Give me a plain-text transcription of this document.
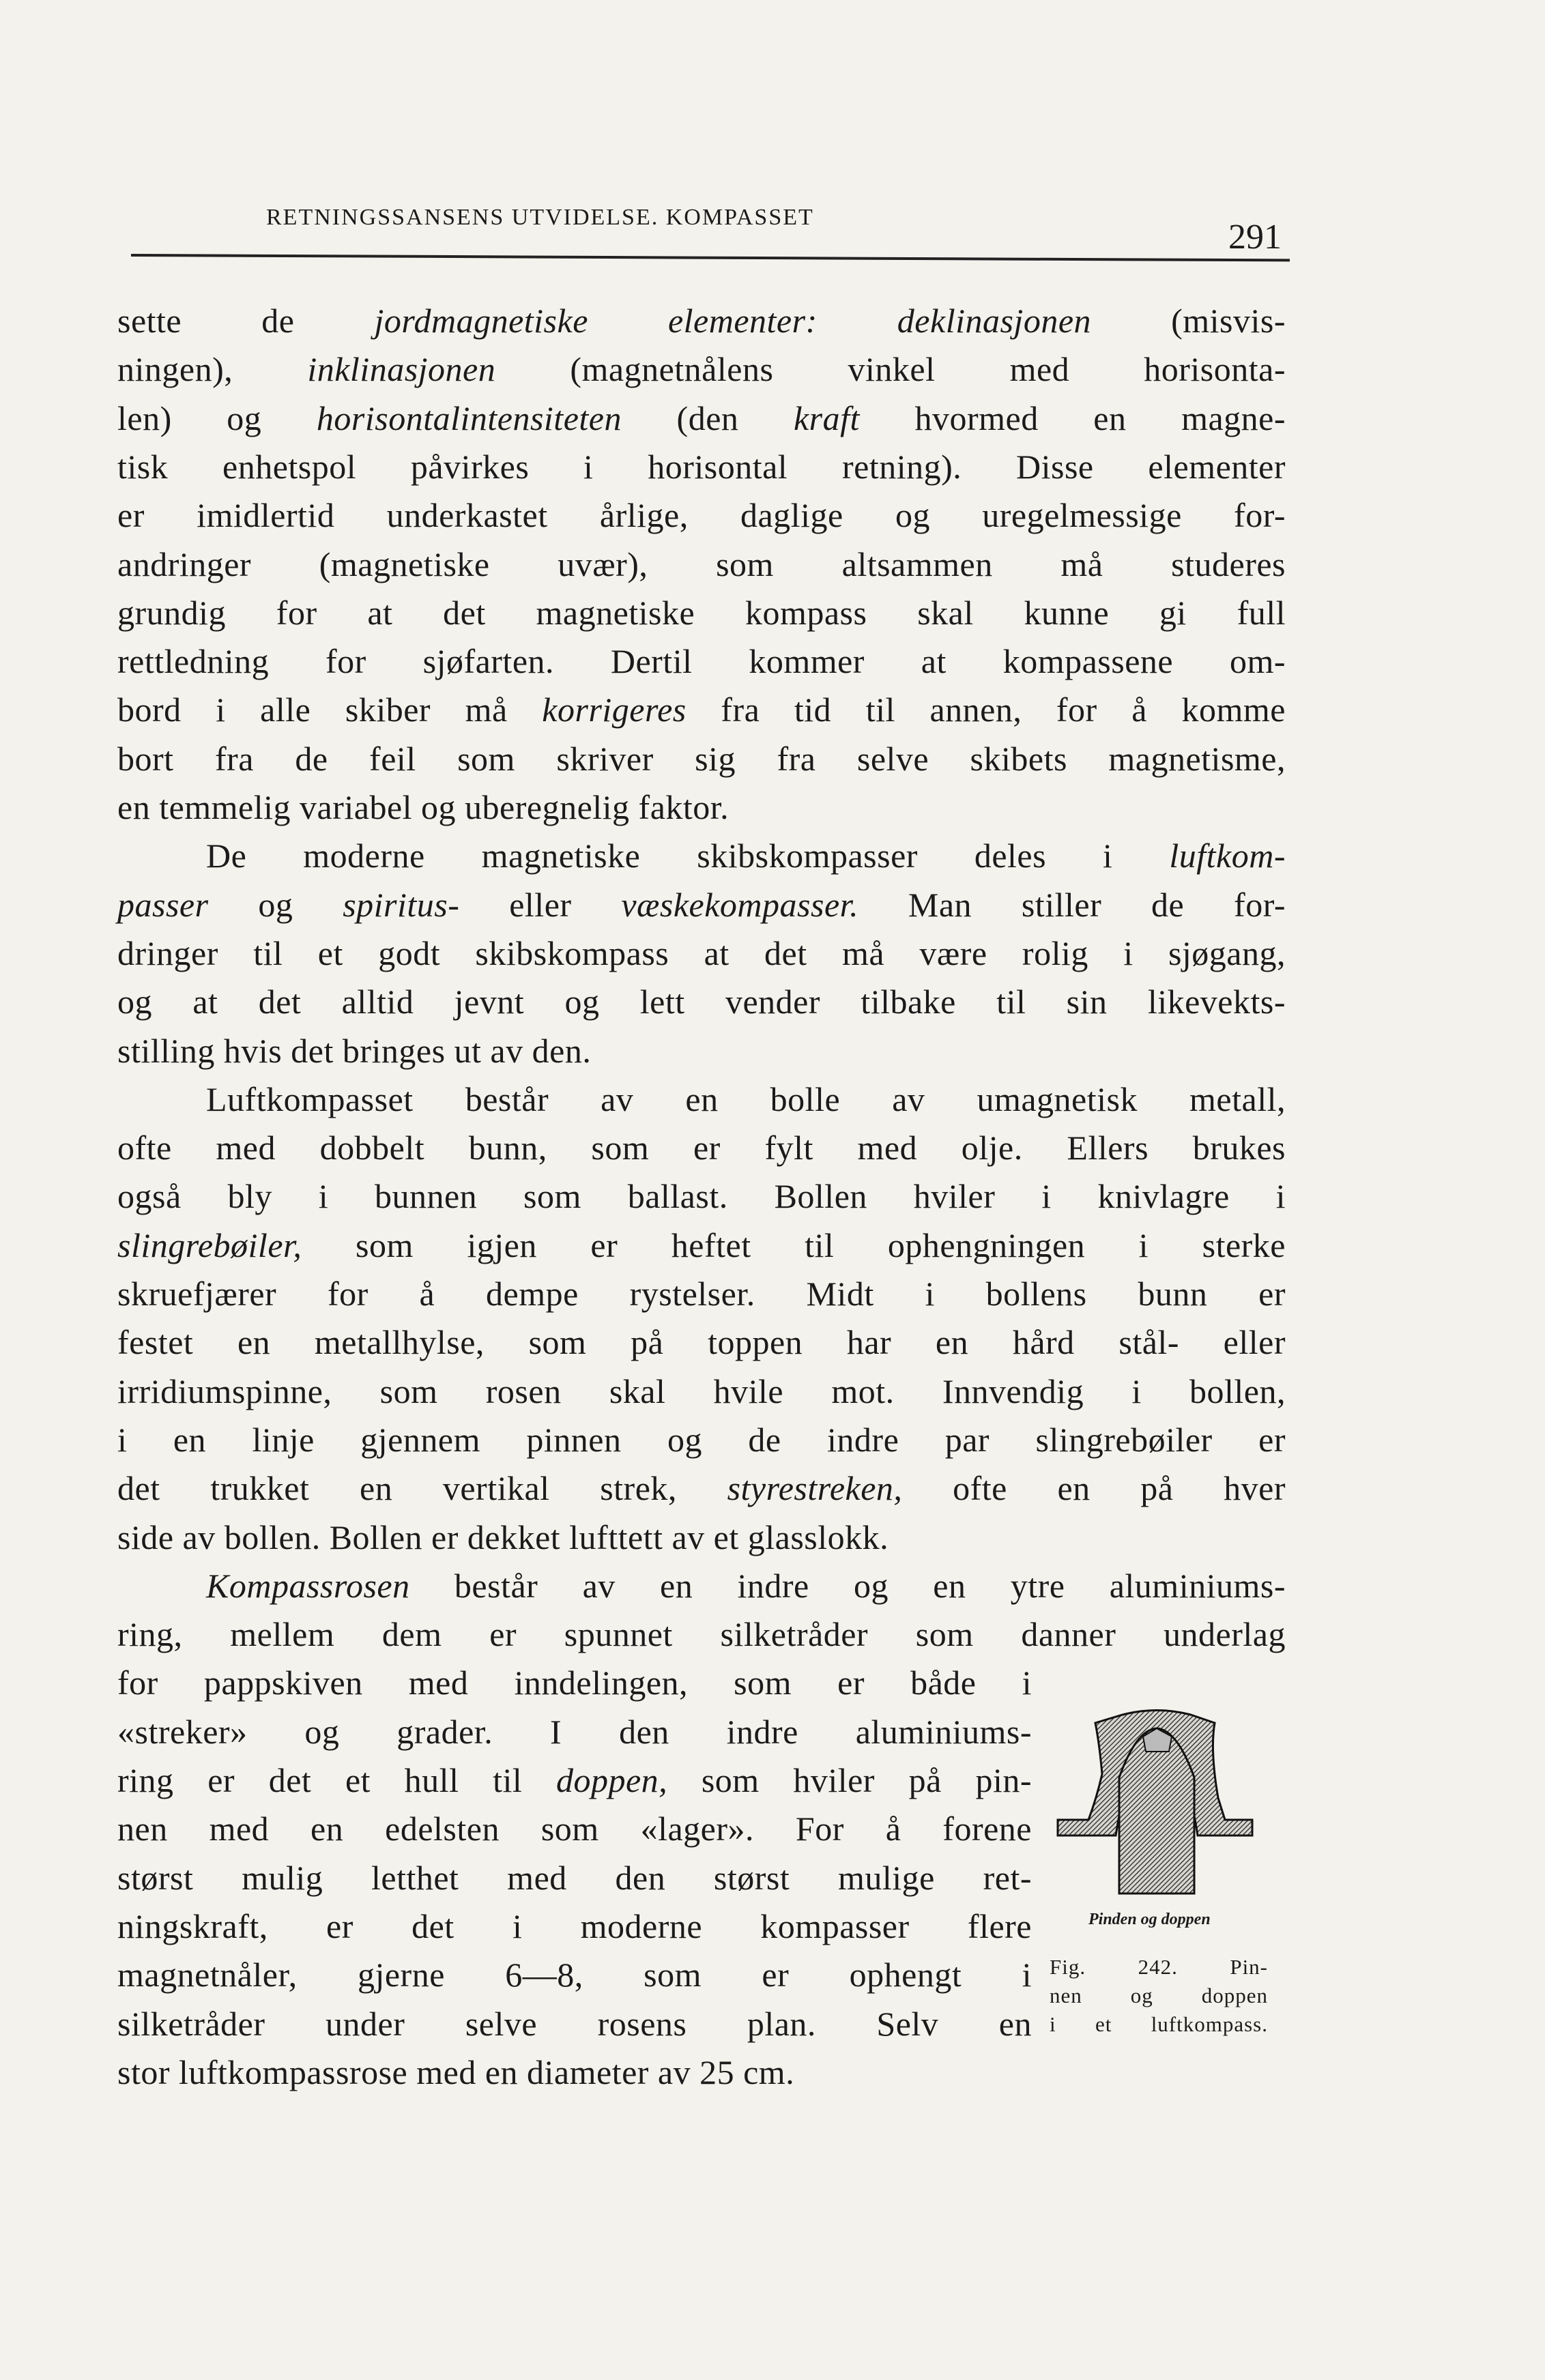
RETNINGSSANSENS UTVIDELSE. KOMPASSET
291
sette de jordmagnetiske elementer: deklinasjonen (misvis-
ningen), inklinasjonen (magnetnålens vinkel med horisonta-
len) og horisontalintensiteten (den kraft hvormed en magne-
tisk enhetspol påvirkes i horisontal retning). Disse elementer
er imidlertid underkastet årlige, daglige og uregelmessige for-
andringer (magnetiske uvær), som altsammen må studeres
grundig for at det magnetiske kompass skal kunne gi full
rettledning for sjøfarten. Dertil kommer at kompassene om-
bord i alle skiber må korrigeres fra tid til annen, for å komme
bort fra de feil som skriver sig fra selve skibets magnetisme,
en temmelig variabel og uberegnelig faktor.
De moderne magnetiske skibskompasser deles i luftkom-
passer og spiritus- eller væskekompasser. Man stiller de for-
dringer til et godt skibskompass at det må være rolig i sjøgang,
og at det alltid jevnt og lett vender tilbake til sin likevekts-
stilling hvis det bringes ut av den.
Luftkompasset består av en bolle av umagnetisk metall,
ofte med dobbelt bunn, som er fylt med olje. Ellers brukes
også bly i bunnen som ballast. Bollen hviler i knivlagre i
slingrebøiler, som igjen er heftet til ophengningen i sterke
skruefjærer for å dempe rystelser. Midt i bollens bunn er
festet en metallhylse, som på toppen har en hård stål- eller
irridiumspinne, som rosen skal hvile mot. Innvendig i bollen,
i en linje gjennem pinnen og de indre par slingrebøiler er
det trukket en vertikal strek, styrestreken, ofte en på hver
side av bollen. Bollen er dekket lufttett av et glasslokk.
Kompassrosen består av en indre og en ytre aluminiums-
ring, mellem dem er spunnet silketråder som danner underlag
for pappskiven med inndelingen, som er både i
«streker» og grader. I den indre aluminiums-
ring er det et hull til doppen, som hviler på pin-
nen med en edelsten som «lager». For å forene
størst mulig letthet med den størst mulige ret-
ningskraft, er det i moderne kompasser flere
magnetnåler, gjerne 6—8, som er ophengt i
silketråder under selve rosens plan. Selv en
stor luftkompassrose med en diameter av 25 cm.
Pinden og doppen
Fig. 242. Pin-
nen og doppen
i et luftkompass.
